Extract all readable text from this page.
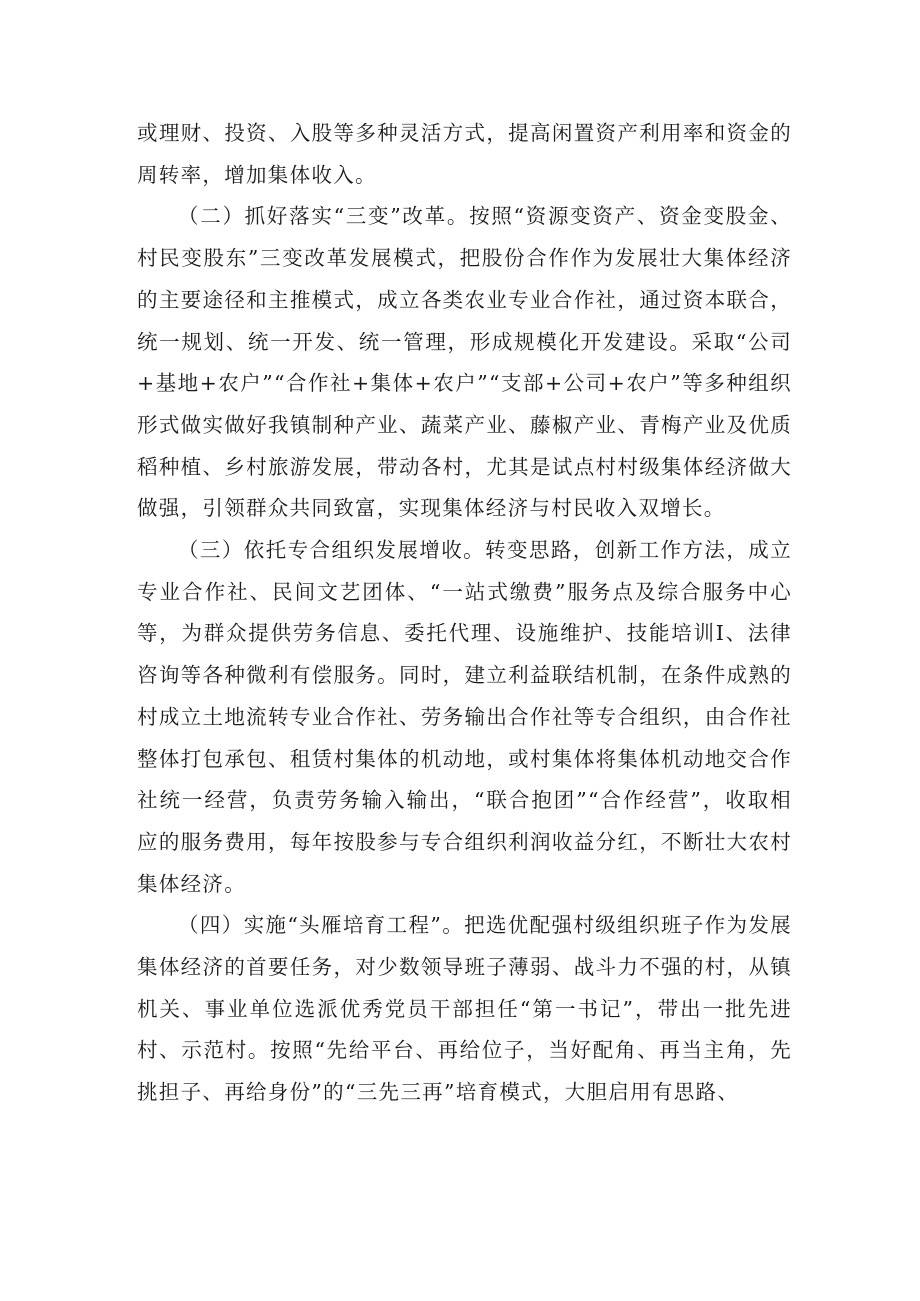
或理财、投资、入股等多种灵活方式，提高闲置资产利用率和资金的周转率，增加集体收入。

（二）抓好落实“三变”改革。按照“资源变资产、资金变股金、村民变股东”三变改革发展模式，把股份合作作为发展壮大集体经济的主要途径和主推模式，成立各类农业专业合作社，通过资本联合，统一规划、统一开发、统一管理，形成规模化开发建设。采取“公司+基地+农户”“合作社+集体+农户”“支部+公司+农户”等多种组织形式做实做好我镇制种产业、蔬菜产业、藤椒产业、青梅产业及优质稻种植、乡村旅游发展，带动各村，尤其是试点村村级集体经济做大做强，引领群众共同致富，实现集体经济与村民收入双增长。

（三）依托专合组织发展增收。转变思路，创新工作方法，成立专业合作社、民间文艺团体、“一站式缴费”服务点及综合服务中心等，为群众提供劳务信息、委托代理、设施维护、技能培训I、法律咨询等各种微利有偿服务。同时，建立利益联结机制，在条件成熟的村成立土地流转专业合作社、劳务输出合作社等专合组织，由合作社整体打包承包、租赁村集体的机动地，或村集体将集体机动地交合作社统一经营，负责劳务输入输出，“联合抱团”“合作经营”，收取相应的服务费用，每年按股参与专合组织利润收益分红，不断壮大农村集体经济。

（四）实施“头雁培育工程”。把选优配强村级组织班子作为发展集体经济的首要任务，对少数领导班子薄弱、战斗力不强的村，从镇机关、事业单位选派优秀党员干部担任“第一书记”，带出一批先进村、示范村。按照“先给平台、再给位子，当好配角、再当主角，先挑担子、再给身份”的“三先三再”培育模式，大胆启用有思路、
